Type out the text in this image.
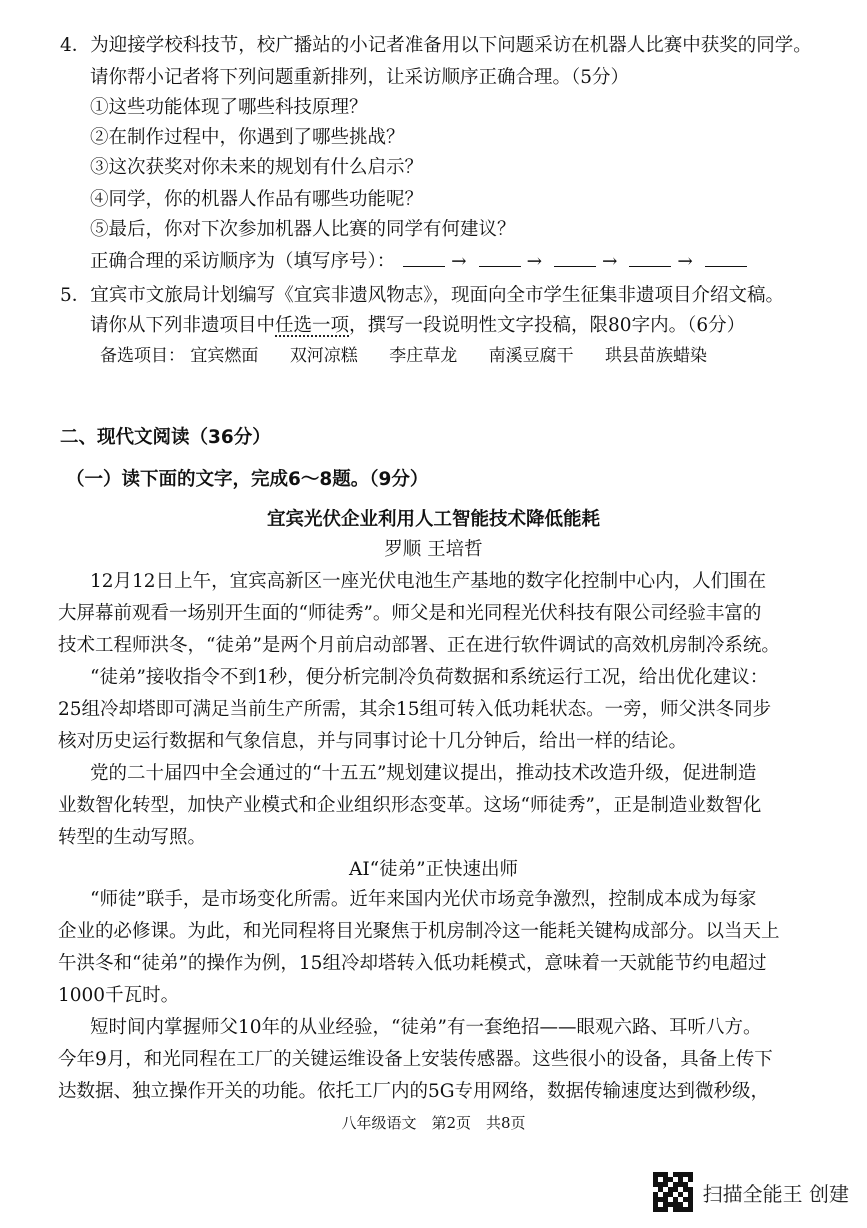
4．为迎接学校科技节，校广播站的小记者准备用以下问题采访在机器人比赛中获奖的同学。
请你帮小记者将下列问题重新排列，让采访顺序正确合理。（5分）
①这些功能体现了哪些科技原理？
②在制作过程中，你遇到了哪些挑战？
③这次获奖对你未来的规划有什么启示？
④同学，你的机器人作品有哪些功能呢？
⑤最后，你对下次参加机器人比赛的同学有何建议？
正确合理的采访顺序为（填写序号）：	→	→	→	→
5．宜宾市文旅局计划编写《宜宾非遗风物志》，现面向全市学生征集非遗项目介绍文稿。
请你从下列非遗项目中任选一项，撰写一段说明性文字投稿，限80字内。（6分）
备选项目： 宜宾燃面 双河凉糕 李庄草龙 南溪豆腐干 珙县苗族蜡染
二、现代文阅读（36分）
（一）读下面的文字，完成6～8题。（9分）
宜宾光伏企业利用人工智能技术降低能耗
罗顺 王培哲
12月12日上午，宜宾高新区一座光伏电池生产基地的数字化控制中心内，人们围在
大屏幕前观看一场别开生面的“师徒秀”。师父是和光同程光伏科技有限公司经验丰富的
技术工程师洪冬，“徒弟”是两个月前启动部署、正在进行软件调试的高效机房制冷系统。
“徒弟”接收指令不到1秒，便分析完制冷负荷数据和系统运行工况，给出优化建议：
25组冷却塔即可满足当前生产所需，其余15组可转入低功耗状态。一旁，师父洪冬同步
核对历史运行数据和气象信息，并与同事讨论十几分钟后，给出一样的结论。
党的二十届四中全会通过的“十五五”规划建议提出，推动技术改造升级，促进制造
业数智化转型，加快产业模式和企业组织形态变革。这场“师徒秀”，正是制造业数智化
转型的生动写照。
AI“徒弟”正快速出师
“师徒”联手，是市场变化所需。近年来国内光伏市场竞争激烈，控制成本成为每家
企业的必修课。为此，和光同程将目光聚焦于机房制冷这一能耗关键构成部分。以当天上
午洪冬和“徒弟”的操作为例，15组冷却塔转入低功耗模式，意味着一天就能节约电超过
1000千瓦时。
短时间内掌握师父10年的从业经验，“徒弟”有一套绝招——眼观六路、耳听八方。
今年9月，和光同程在工厂的关键运维设备上安装传感器。这些很小的设备，具备上传下
达数据、独立操作开关的功能。依托工厂内的5G专用网络，数据传输速度达到微秒级，
八年级语文　第2页　共8页
扫描全能王 创建
